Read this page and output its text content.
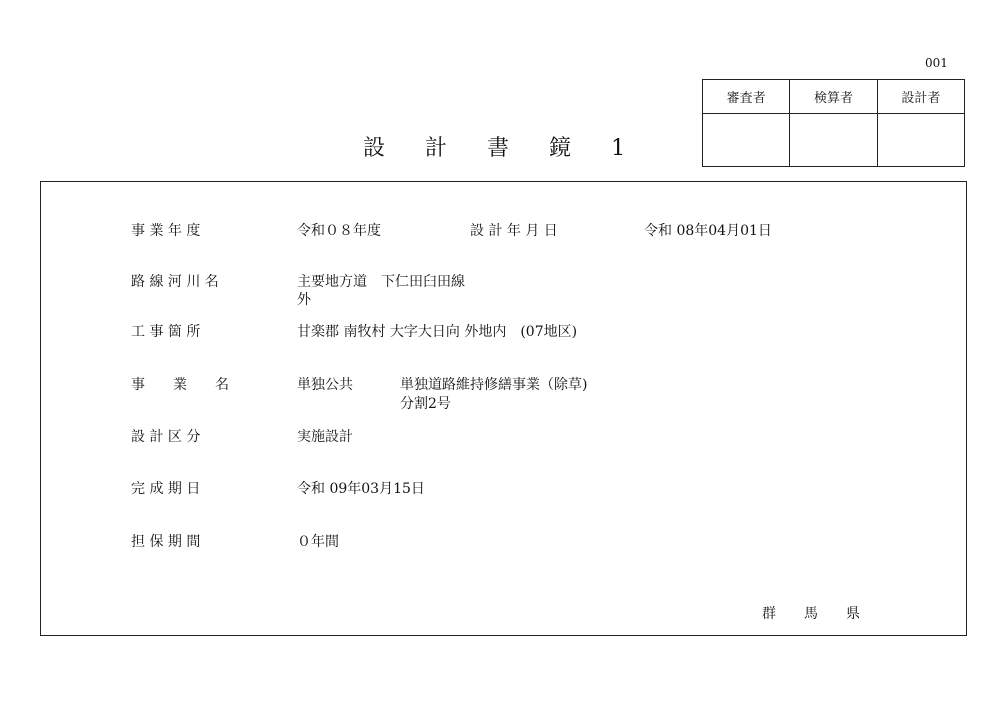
001
設 計 書 鏡 1
審査者	検算者	設計者
事 業 年 度	令和０８年度	設 計 年 月 日	令和 08年04月01日
路 線 河 川 名	主要地方道　下仁田臼田線
外
工 事 箇 所	甘楽郡 南牧村 大字大日向 外地内　(07地区)
事　　業　　名	単独公共	単独道路維持修繕事業（除草)
分割2号
設 計 区 分	実施設計
完 成 期 日	令和 09年03月15日
担 保 期 間	０年間
群　　馬　　県
